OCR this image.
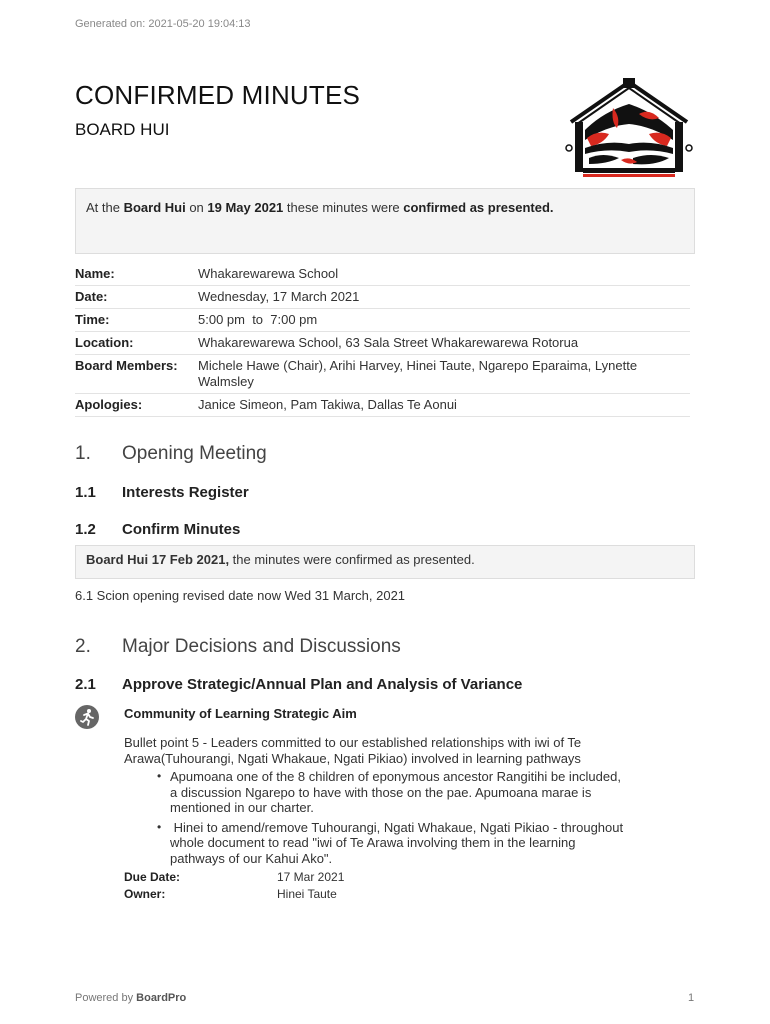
Generated on: 2021-05-20 19:04:13
CONFIRMED MINUTES
BOARD HUI
At the Board Hui on 19 May 2021 these minutes were confirmed as presented.
Name:	Whakarewarewa School
Date:	Wednesday, 17 March 2021
Time:	5:00 pm  to  7:00 pm
Location:	Whakarewarewa School, 63 Sala Street Whakarewarewa Rotorua
Board Members:	Michele Hawe (Chair), Arihi Harvey, Hinei Taute, Ngarepo Eparaima, Lynette Walmsley
Apologies:	Janice Simeon, Pam Takiwa, Dallas Te Aonui
1. Opening Meeting
1.1 Interests Register
1.2 Confirm Minutes
Board Hui 17 Feb 2021, the minutes were confirmed as presented.
6.1 Scion opening revised date now Wed 31 March, 2021
2. Major Decisions and Discussions
2.1 Approve Strategic/Annual Plan and Analysis of Variance
Community of Learning Strategic Aim
Bullet point 5 - Leaders committed to our established relationships with iwi of Te Arawa(Tuhourangi, Ngati Whakaue, Ngati Pikiao) involved in learning pathways
• Apumoana one of the 8 children of eponymous ancestor Rangitihi be included, a discussion Ngarepo to have with those on the pae. Apumoana marae is mentioned in our charter.
•  Hinei to amend/remove Tuhourangi, Ngati Whakaue, Ngati Pikiao - throughout whole document to read "iwi of Te Arawa involving them in the learning pathways of our Kahui Ako".
Due Date:	17 Mar 2021
Owner:	Hinei Taute
Powered by BoardPro	1
